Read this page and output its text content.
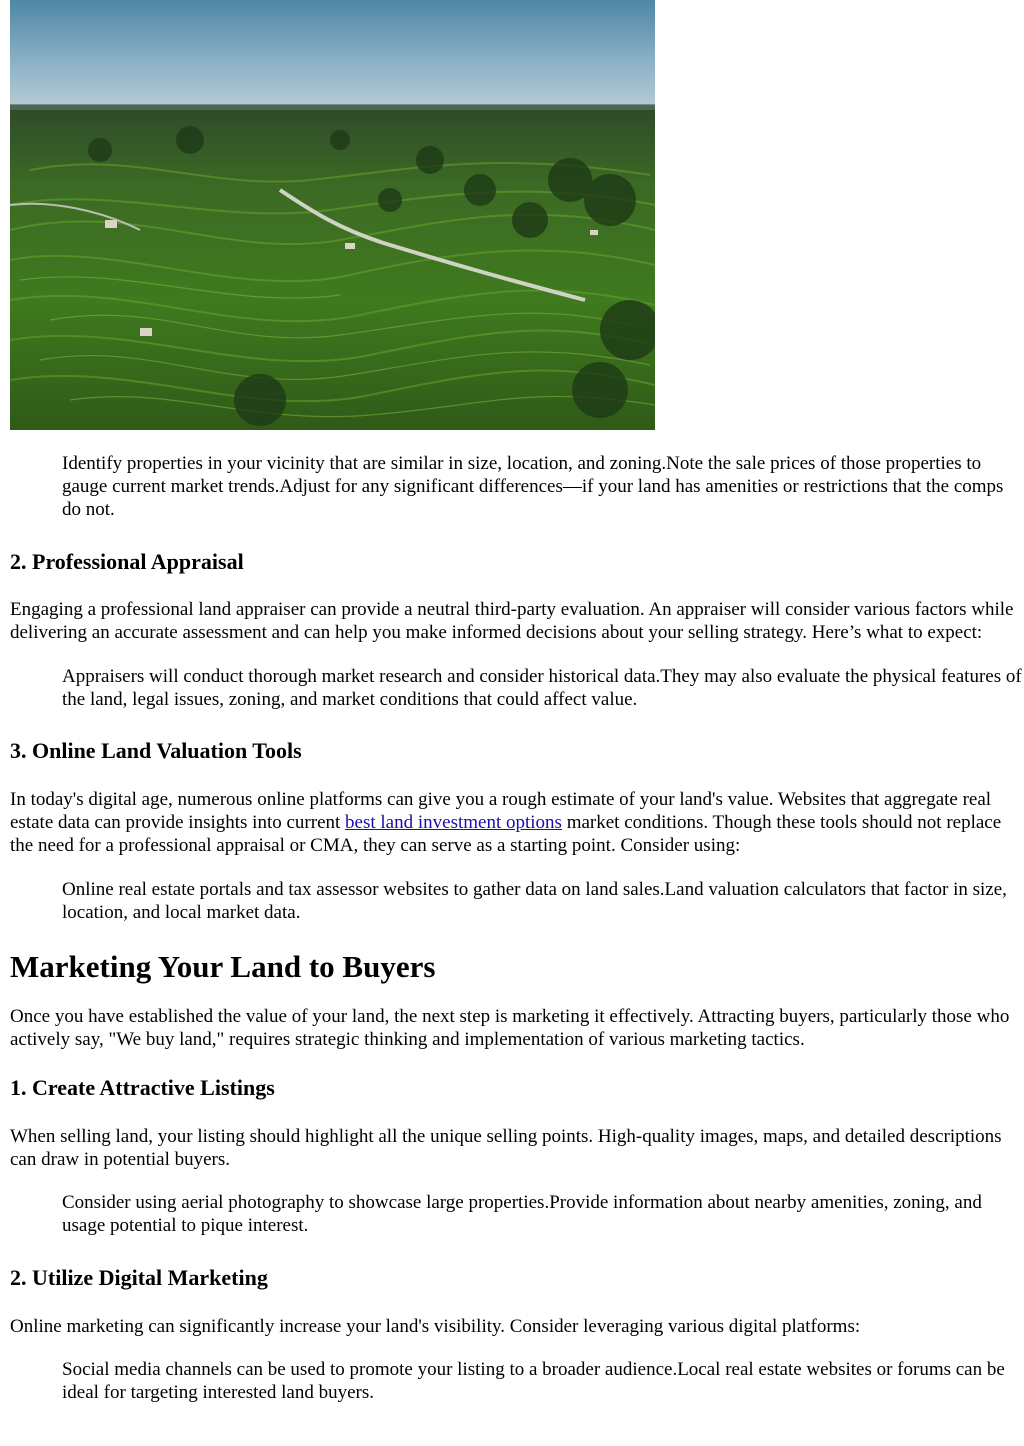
Identify properties in your vicinity that are similar in size, location, and zoning.Note the sale prices of those properties to gauge current market trends.Adjust for any significant differences—if your land has amenities or restrictions that the comps do not.

2. Professional Appraisal

Engaging a professional land appraiser can provide a neutral third-party evaluation. An appraiser will consider various factors while delivering an accurate assessment and can help you make informed decisions about your selling strategy. Here’s what to expect:

Appraisers will conduct thorough market research and consider historical data.They may also evaluate the physical features of the land, legal issues, zoning, and market conditions that could affect value.

3. Online Land Valuation Tools

In today's digital age, numerous online platforms can give you a rough estimate of your land's value. Websites that aggregate real estate data can provide insights into current best land investment options market conditions. Though these tools should not replace the need for a professional appraisal or CMA, they can serve as a starting point. Consider using:

Online real estate portals and tax assessor websites to gather data on land sales.Land valuation calculators that factor in size, location, and local market data.

Marketing Your Land to Buyers

Once you have established the value of your land, the next step is marketing it effectively. Attracting buyers, particularly those who actively say, "We buy land," requires strategic thinking and implementation of various marketing tactics.

1. Create Attractive Listings

When selling land, your listing should highlight all the unique selling points. High-quality images, maps, and detailed descriptions can draw in potential buyers.

Consider using aerial photography to showcase large properties.Provide information about nearby amenities, zoning, and usage potential to pique interest.

2. Utilize Digital Marketing

Online marketing can significantly increase your land's visibility. Consider leveraging various digital platforms:

Social media channels can be used to promote your listing to a broader audience.Local real estate websites or forums can be ideal for targeting interested land buyers.
